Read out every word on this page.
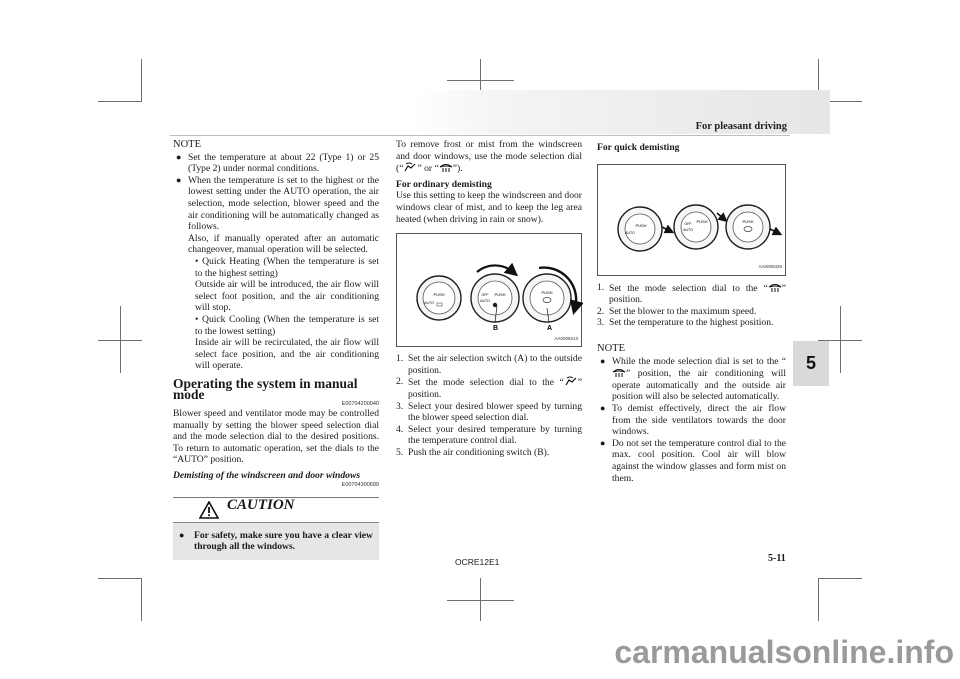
For pleasant driving
5
NOTE
● Set the temperature at about 22 (Type 1) or 25 (Type 2) under normal conditions.
● When the temperature is set to the highest or the lowest setting under the AUTO operation, the air selection, mode selection, blower speed and the air conditioning will be automatically changed as follows.
Also, if manually operated after an automatic changeover, manual operation will be selected.
• Quick Heating (When the temperature is set to the highest setting)
Outside air will be introduced, the air flow will select foot position, and the air conditioning will stop.
• Quick Cooling (When the temperature is set to the lowest setting)
Inside air will be recirculated, the air flow will select face position, and the air conditioning will operate.
Operating the system in manual mode
E00704200040

Blower speed and ventilator mode may be controlled manually by setting the blower speed selection dial and the mode selection dial to the desired positions. To return to automatic operation, set the dials to the “AUTO” position.

Demisting of the windscreen and door windows
E00704300689
CAUTION
● For safety, make sure you have a clear view through all the windows.

To remove frost or mist from the windscreen and door windows, use the mode selection dial (“ ” or “ ”).

For ordinary demisting

Use this setting to keep the windscreen and door windows clear of mist, and to keep the leg area heated (when driving in rain or snow).

PUSH
AUTO
OFF
AUTO
PUSH	PUSH
B	A
AA0008213
1. Set the air selection switch (A) to the outside position.
2. Set the mode selection dial to the “ ” position.
3. Select your desired blower speed by turning the blower speed selection dial.
4. Select your desired temperature by turning the temperature control dial.
5. Push the air conditioning switch (B).
For quick demisting
PUSH
AUTO
OFF
AUTO
PUSH	PUSH
AA0008326
1. Set the mode selection dial to the “ ” position.
2. Set the blower to the maximum speed.
3. Set the temperature to the highest position.
NOTE
● While the mode selection dial is set to the “” position, the air conditioning will operate automatically and the outside air position will also be selected automatically.
● To demist effectively, direct the air flow from the side ventilators towards the door windows.
● Do not set the temperature control dial to the max. cool position. Cool air will blow against the window glasses and form mist on them.
OCRE12E1	5-11
carmanualsonline.info
